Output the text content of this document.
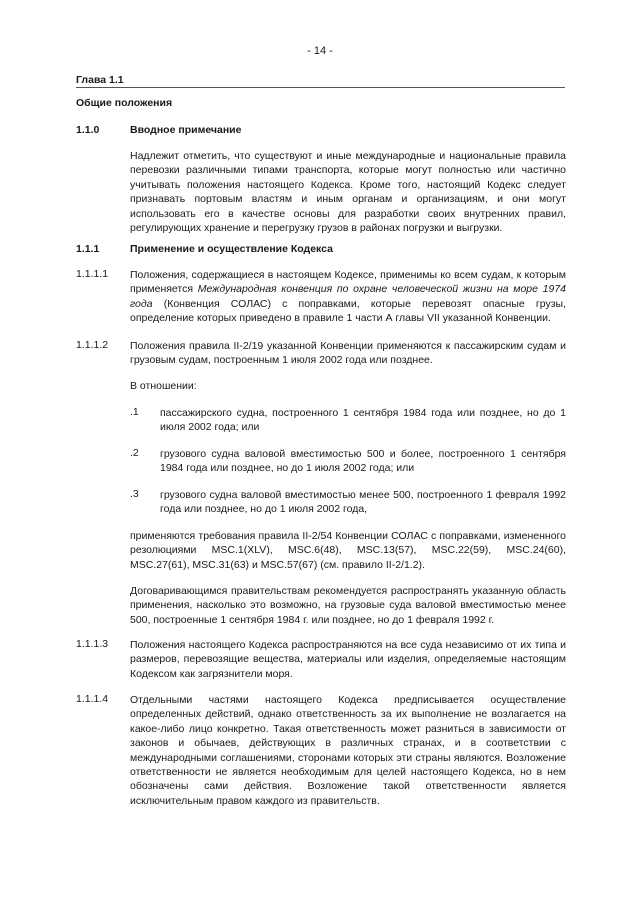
- 14 -
Глава 1.1
Общие положения
1.1.0	Вводное примечание

Надлежит отметить, что существуют и иные международные и национальные правила перевозки различными типами транспорта, которые могут полностью или частично учитывать положения настоящего Кодекса. Кроме того, настоящий Кодекс следует признавать портовым властям и иным органам и организациям, и они могут использовать его в качестве основы для разработки своих внутренних правил, регулирующих хранение и перегрузку грузов в районах погрузки и выгрузки.

1.1.1	Применение и осуществление Кодекса
1.1.1.1 Положения, содержащиеся в настоящем Кодексе, применимы ко всем судам, к которым применяется Международная конвенция по охране человеческой жизни на море 1974 года (Конвенция СОЛАС) с поправками, которые перевозят опасные грузы, определение которых приведено в правиле 1 части А главы VII указанной Конвенции.

1.1.1.2 Положения правила II-2/19 указанной Конвенции применяются к пассажирским судам и грузовым судам, построенным 1 июля 2002 года или позднее.

В отношении:

.1 пассажирского судна, построенного 1 сентября 1984 года или позднее, но до 1 июля 2002 года; или

.2 грузового судна валовой вместимостью 500 и более, построенного 1 сентября 1984 года или позднее, но до 1 июля 2002 года; или

.3 грузового судна валовой вместимостью менее 500, построенного 1 февраля 1992 года или позднее, но до 1 июля 2002 года,

применяются требования правила II-2/54 Конвенции СОЛАС с поправками, измененного резолюциями MSC.1(XLV), MSC.6(48), MSC.13(57), MSC.22(59), MSC.24(60), MSC.27(61), MSC.31(63) и MSC.57(67) (см. правило II-2/1.2).

Договаривающимся правительствам рекомендуется распространять указанную область применения, насколько это возможно, на грузовые суда валовой вместимостью менее 500, построенные 1 сентября 1984 г. или позднее, но до 1 февраля 1992 г.

1.1.1.3 Положения настоящего Кодекса распространяются на все суда независимо от их типа и размеров, перевозящие вещества, материалы или изделия, определяемые настоящим Кодексом как загрязнители моря.

1.1.1.4 Отдельными частями настоящего Кодекса предписывается осуществление определенных действий, однако ответственность за их выполнение не возлагается на какое-либо лицо конкретно. Такая ответственность может разниться в зависимости от законов и обычаев, действующих в различных странах, и в соответствии с международными соглашениями, сторонами которых эти страны являются. Возложение ответственности не является необходимым для целей настоящего Кодекса, но в нем обозначены сами действия. Возложение такой ответственности является исключительным правом каждого из правительств.
